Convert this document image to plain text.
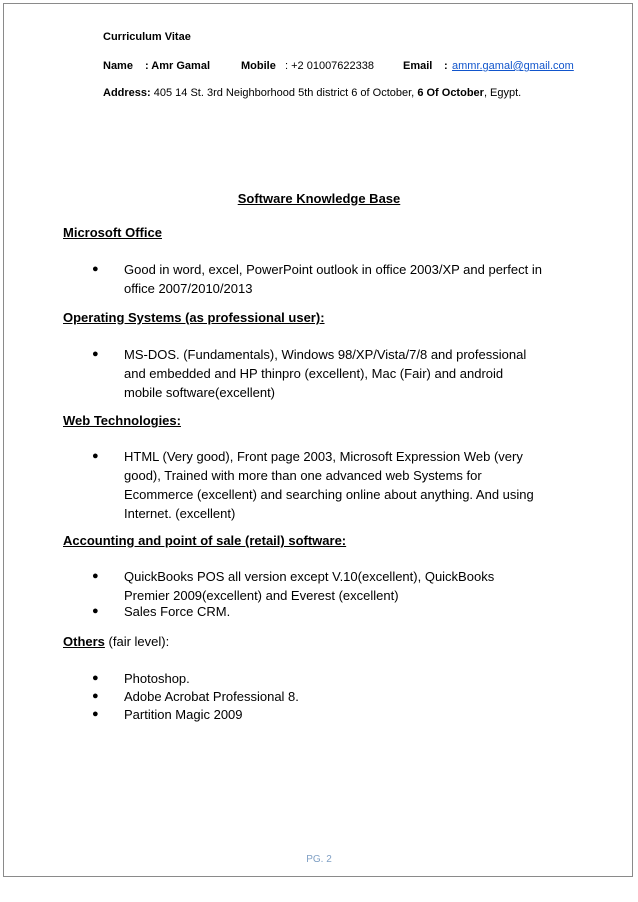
Curriculum Vitae
Name : Amr Gamal	Mobile : +2 01007622338	Email : ammr.gamal@gmail.com
Address: 405 14 St. 3rd Neighborhood 5th district 6 of October, 6 Of October, Egypt.
Software Knowledge Base
Microsoft Office
● Good in word, excel, PowerPoint outlook in office 2003/XP and perfect in office 2007/2010/2013
Operating Systems (as professional user):
● MS-DOS. (Fundamentals), Windows 98/XP/Vista/7/8 and professional and embedded and HP thinpro (excellent), Mac (Fair) and android mobile software(excellent)
Web Technologies:
● HTML (Very good), Front page 2003, Microsoft Expression Web (very good), Trained with more than one advanced web Systems for Ecommerce (excellent) and searching online about anything. And using Internet. (excellent)
Accounting and point of sale (retail) software:
● QuickBooks POS all version except V.10(excellent), QuickBooks Premier 2009(excellent) and Everest (excellent)
● Sales Force CRM.
Others (fair level):
● Photoshop.
● Adobe Acrobat Professional 8.
● Partition Magic 2009
PG. 2
